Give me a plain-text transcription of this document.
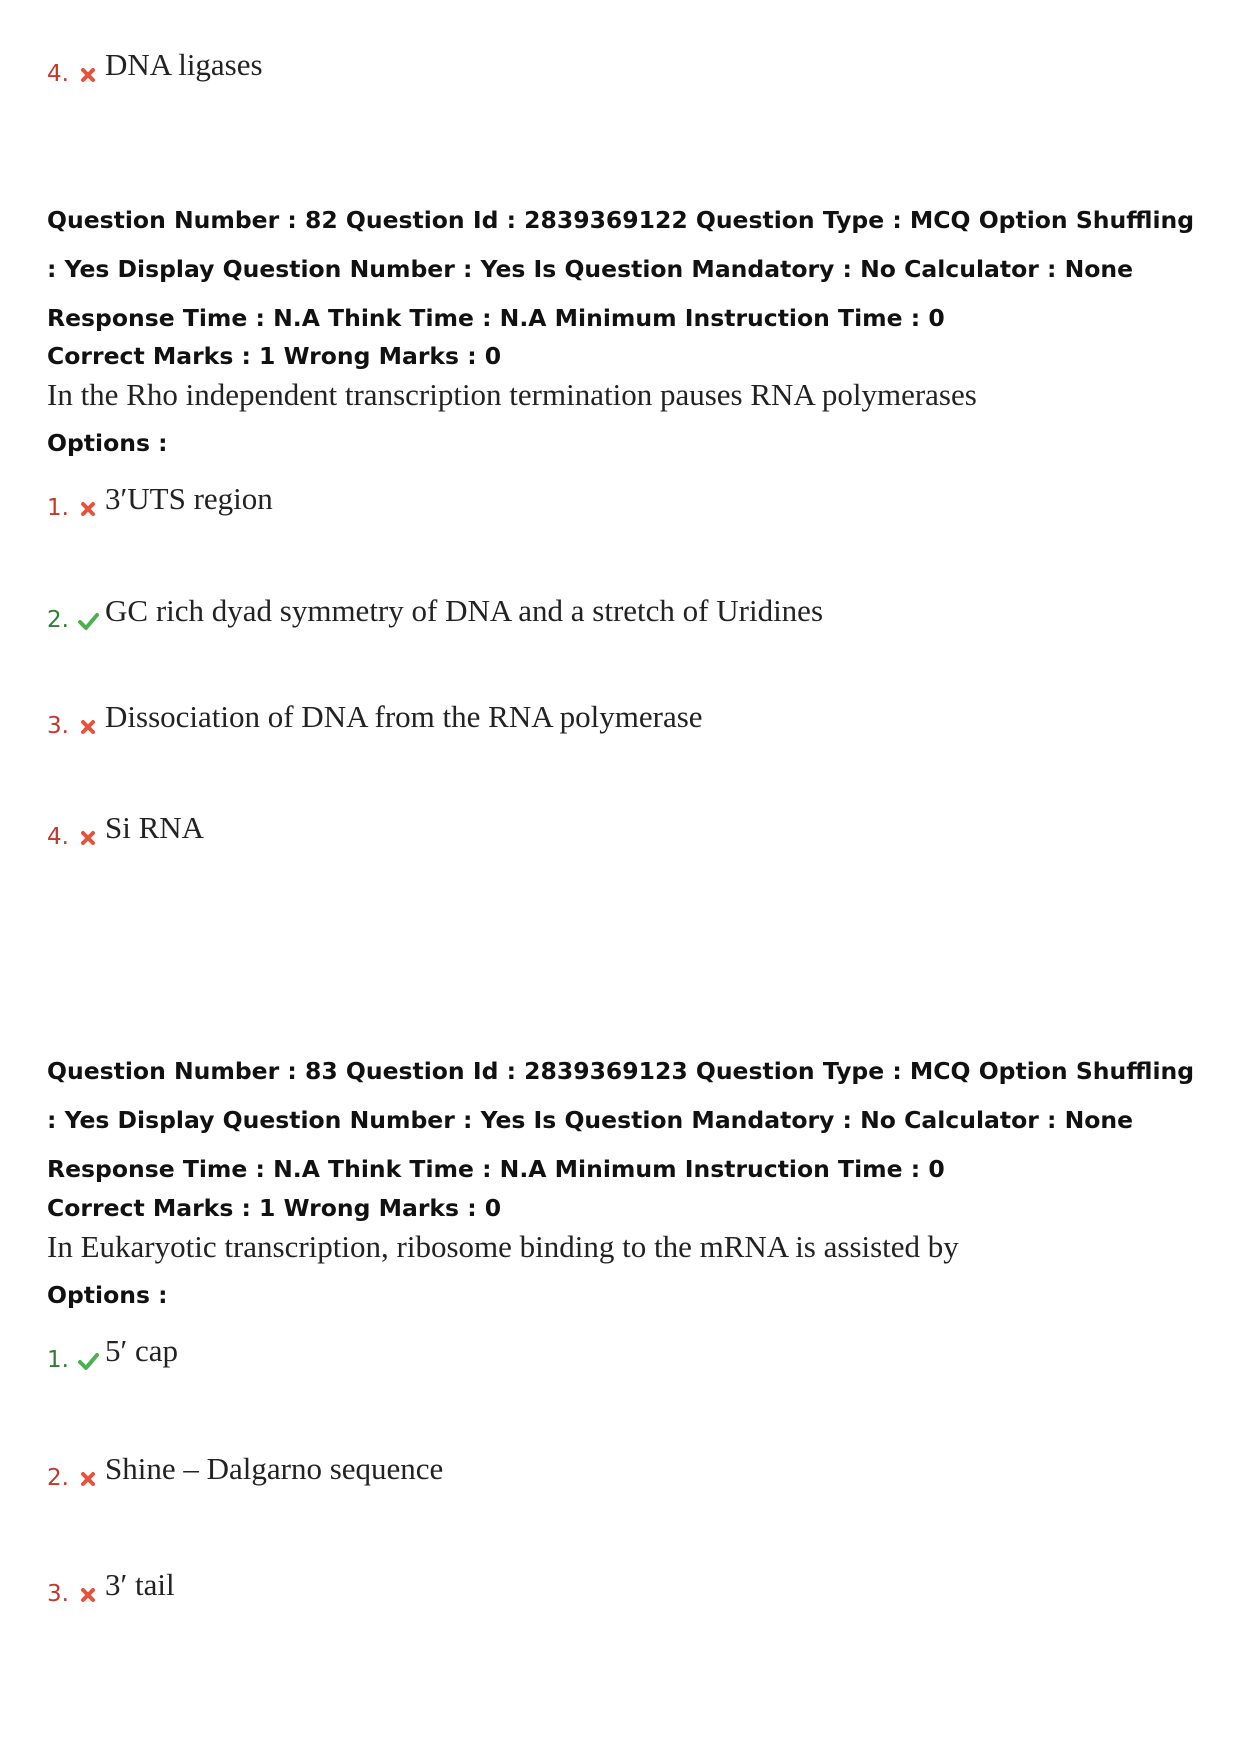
4. DNA ligases
Question Number : 82 Question Id : 2839369122 Question Type : MCQ Option Shuffling : Yes Display Question Number : Yes Is Question Mandatory : No Calculator : None Response Time : N.A Think Time : N.A Minimum Instruction Time : 0
Correct Marks : 1 Wrong Marks : 0
In the Rho independent transcription termination pauses RNA polymerases
Options :
1. 3′UTS region
2. GC rich dyad symmetry of DNA and a stretch of Uridines
3. Dissociation of DNA from the RNA polymerase
4. Si RNA
Question Number : 83 Question Id : 2839369123 Question Type : MCQ Option Shuffling : Yes Display Question Number : Yes Is Question Mandatory : No Calculator : None Response Time : N.A Think Time : N.A Minimum Instruction Time : 0
Correct Marks : 1 Wrong Marks : 0
In Eukaryotic transcription, ribosome binding to the mRNA is assisted by
Options :
1. 5′ cap
2. Shine – Dalgarno sequence
3. 3′ tail
